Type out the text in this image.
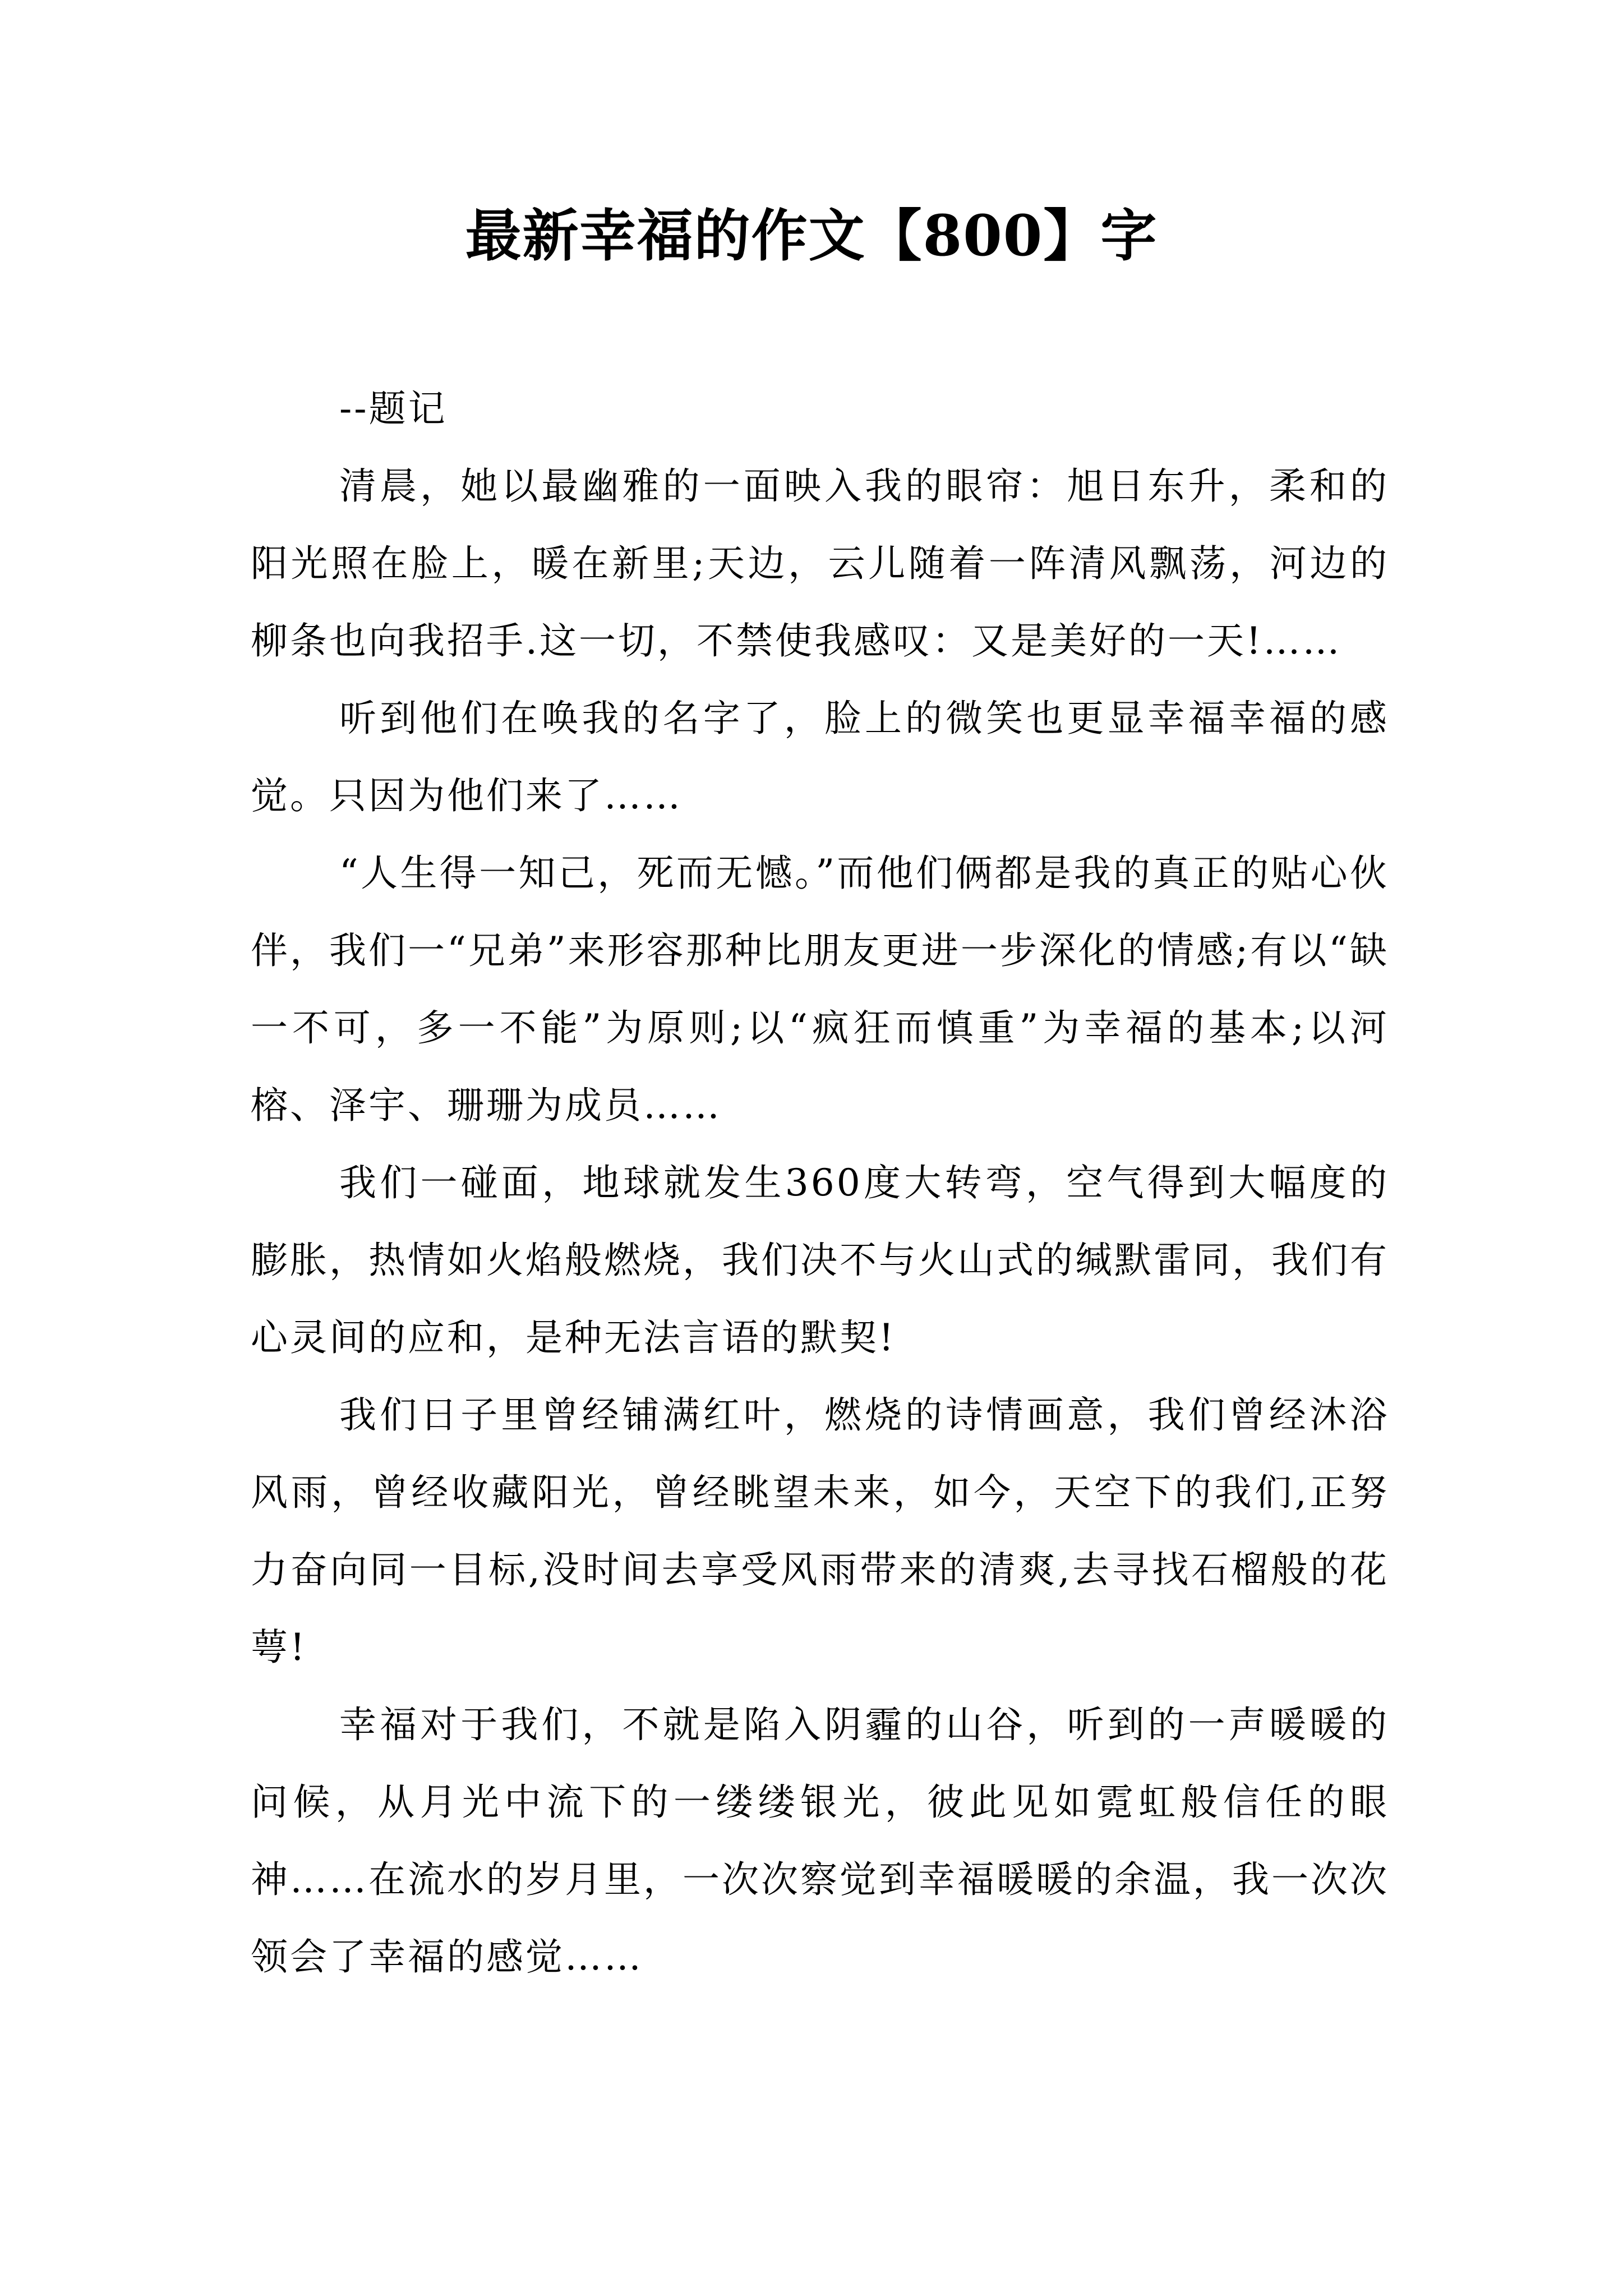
最新幸福的作文【800】字

--题记

清晨，她以最幽雅的一面映入我的眼帘：旭日东升，柔和的阳光照在脸上，暖在新里;天边，云儿随着一阵清风飘荡，河边的柳条也向我招手.这一切，不禁使我感叹：又是美好的一天!……

听到他们在唤我的名字了，脸上的微笑也更显幸福幸福的感觉。只因为他们来了……

“人生得一知己，死而无憾。”而他们俩都是我的真正的贴心伙伴，我们一“兄弟”来形容那种比朋友更进一步深化的情感;有以“缺一不可，多一不能”为原则;以“疯狂而慎重”为幸福的基本;以河榕、泽宇、珊珊为成员……

我们一碰面，地球就发生360度大转弯，空气得到大幅度的膨胀，热情如火焰般燃烧，我们决不与火山式的缄默雷同，我们有心灵间的应和，是种无法言语的默契!

我们日子里曾经铺满红叶，燃烧的诗情画意，我们曾经沐浴风雨，曾经收藏阳光，曾经眺望未来，如今，天空下的我们,正努力奋向同一目标,没时间去享受风雨带来的清爽,去寻找石榴般的花萼!

幸福对于我们，不就是陷入阴霾的山谷，听到的一声暖暖的问候，从月光中流下的一缕缕银光，彼此见如霓虹般信任的眼神……在流水的岁月里，一次次察觉到幸福暖暖的余温，我一次次领会了幸福的感觉……
